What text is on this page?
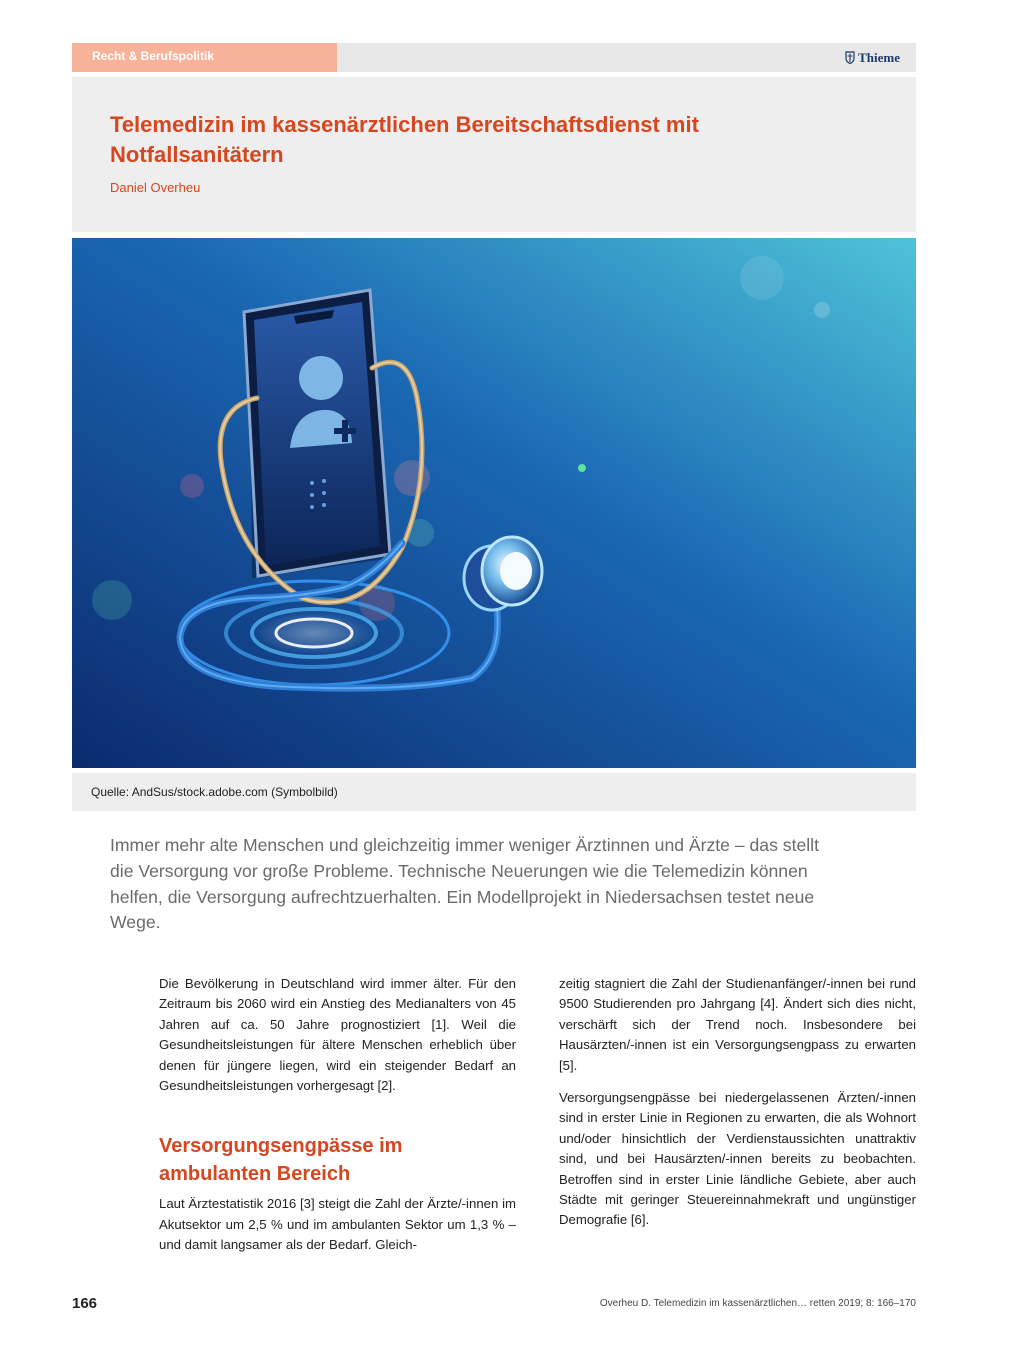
Recht & Berufspolitik	Thieme
Telemedizin im kassenärztlichen Bereitschaftsdienst mit Notfallsanitätern
Daniel Overheu
Quelle: AndSus/stock.adobe.com (Symbolbild)

Immer mehr alte Menschen und gleichzeitig immer weniger Ärztinnen und Ärzte – das stellt die Versorgung vor große Probleme. Technische Neuerungen wie die Telemedizin können helfen, die Versorgung aufrechtzuerhalten. Ein Modellprojekt in Niedersachsen testet neue Wege.

Die Bevölkerung in Deutschland wird immer älter. Für den Zeitraum bis 2060 wird ein Anstieg des Medianalters von 45 Jahren auf ca. 50 Jahre prognostiziert [1]. Weil die Gesundheitsleistungen für ältere Menschen erheblich über denen für jüngere liegen, wird ein steigender Bedarf an Gesundheitsleistungen vorhergesagt [2].

Versorgungsengpässe im ambulanten Bereich

Laut Ärztestatistik 2016 [3] steigt die Zahl der Ärzte/-innen im Akutsektor um 2,5 % und im ambulanten Sektor um 1,3 % – und damit langsamer als der Bedarf. Gleich-

zeitig stagniert die Zahl der Studienanfänger/-innen bei rund 9500 Studierenden pro Jahrgang [4]. Ändert sich dies nicht, verschärft sich der Trend noch. Insbesondere bei Hausärzten/-innen ist ein Versorgungsengpass zu erwarten [5].

Versorgungsengpässe bei niedergelassenen Ärzten/-innen sind in erster Linie in Regionen zu erwarten, die als Wohnort und/oder hinsichtlich der Verdienstaussichten unattraktiv sind, und bei Hausärzten/-innen bereits zu beobachten. Betroffen sind in erster Linie ländliche Gebiete, aber auch Städte mit geringer Steuereinnahmekraft und ungünstiger Demografie [6].

166	Overheu D. Telemedizin im kassenärztlichen… retten 2019; 8: 166–170
